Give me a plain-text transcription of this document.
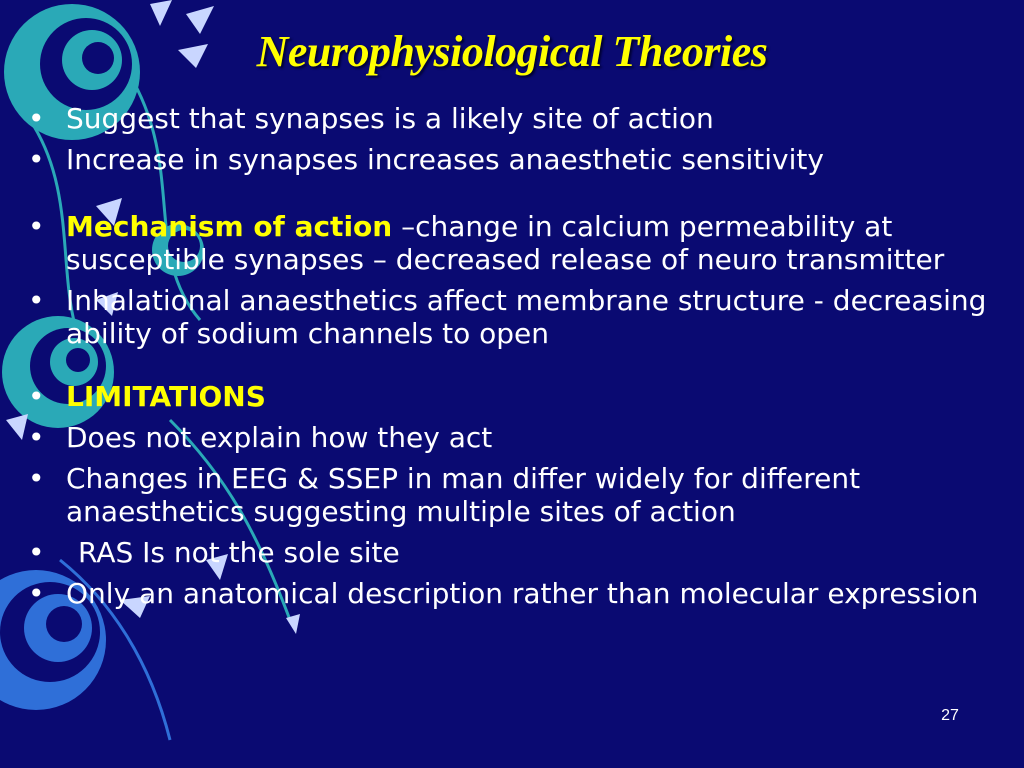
Neurophysiological Theories
• Suggest that synapses is a likely site of action
• Increase in synapses increases anaesthetic sensitivity
• Mechanism of action –change in calcium permeability at susceptible synapses – decreased release of neuro transmitter
• Inhalational anaesthetics affect membrane structure - decreasing ability of sodium channels to open
• LIMITATIONS
• Does not explain how they act
• Changes in EEG & SSEP in man differ widely for different anaesthetics suggesting multiple sites of action
• RAS Is not the sole site
• Only an anatomical description rather than molecular expression
27
